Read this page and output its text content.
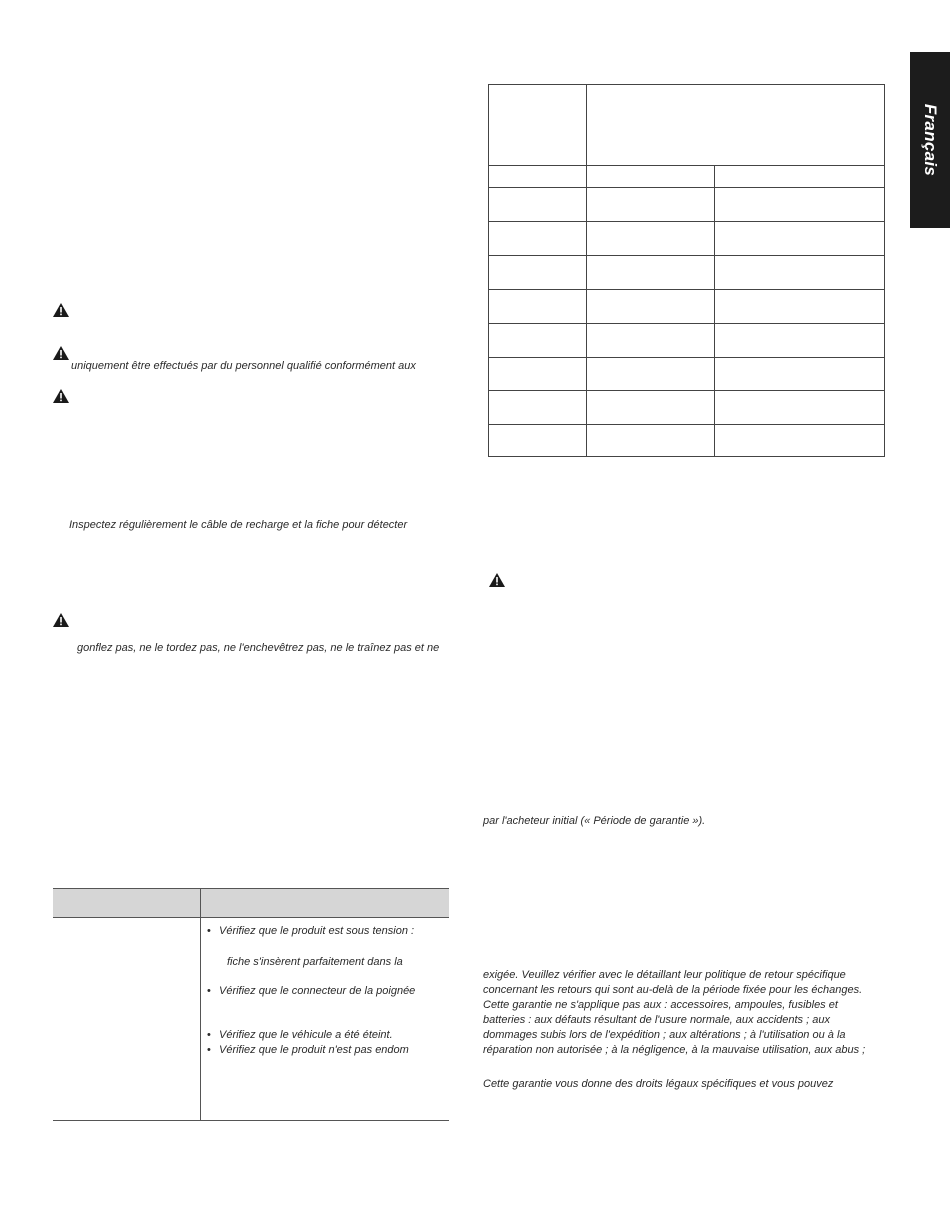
Français
uniquement être effectués par du personnel qualifié conformément aux
Inspectez régulièrement le câble de recharge et la fiche pour détecter
gonflez pas, ne le tordez pas, ne l'enchevêtrez pas, ne le traînez pas et ne
• Vérifiez que le produit est sous tension :
fiche s'insèrent parfaitement dans la
• Vérifiez que le connecteur de la poignée
• Vérifiez que le véhicule a été éteint.
• Vérifiez que le produit n'est pas endom
par l'acheteur initial (« Période de garantie »).
exigée. Veuillez vérifier avec le détaillant leur politique de retour spécifique
concernant les retours qui sont au-delà de la période fixée pour les échanges.
Cette garantie ne s'applique pas aux : accessoires, ampoules, fusibles et
batteries : aux défauts résultant de l'usure normale, aux accidents ; aux
dommages subis lors de l'expédition ; aux altérations ; à l'utilisation ou à la
réparation non autorisée ; à la négligence, à la mauvaise utilisation, aux abus ;
Cette garantie vous donne des droits légaux spécifiques et vous pouvez
